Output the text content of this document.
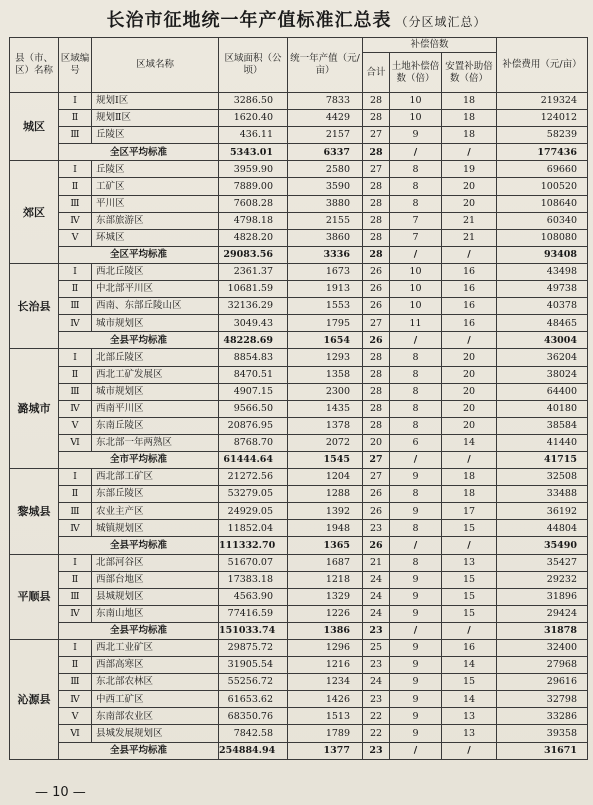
长治市征地统一年产值标准汇总表 （分区域汇总）
县（市、区）名称	区域编号	区域名称	区域面积（公顷）	统一年产值（元/亩）	补偿倍数			补偿费用（元/亩）
					合计	土地补偿倍数（倍）	安置补助倍数（倍）	
城区	Ⅰ	规划Ⅰ区	3286.50	7833	28	10	18	219324
	Ⅱ	规划Ⅱ区	1620.40	4429	28	10	18	124012
	Ⅲ	丘陵区	436.11	2157	27	9	18	58239
	全区平均标准		5343.01	6337	28	/	/	177436
郊区	Ⅰ	丘陵区	3959.90	2580	27	8	19	69660
	Ⅱ	工矿区	7889.00	3590	28	8	20	100520
	Ⅲ	平川区	7608.28	3880	28	8	20	108640
	Ⅳ	东部旅游区	4798.18	2155	28	7	21	60340
	Ⅴ	环城区	4828.20	3860	28	7	21	108080
	全区平均标准		29083.56	3336	28	/	/	93408
长治县	Ⅰ	西北丘陵区	2361.37	1673	26	10	16	43498
	Ⅱ	中北部平川区	10681.59	1913	26	10	16	49738
	Ⅲ	西南、东部丘陵山区	32136.29	1553	26	10	16	40378
	Ⅳ	城市规划区	3049.43	1795	27	11	16	48465
	全县平均标准		48228.69	1654	26	/	/	43004
潞城市	Ⅰ	北部丘陵区	8854.83	1293	28	8	20	36204
	Ⅱ	西北工矿发展区	8470.51	1358	28	8	20	38024
	Ⅲ	城市规划区	4907.15	2300	28	8	20	64400
	Ⅳ	西南平川区	9566.50	1435	28	8	20	40180
	Ⅴ	东南丘陵区	20876.95	1378	28	8	20	38584
	Ⅵ	东北部一年两熟区	8768.70	2072	20	6	14	41440
	全市平均标准		61444.64	1545	27	/	/	41715
黎城县	Ⅰ	西北部工矿区	21272.56	1204	27	9	18	32508
	Ⅱ	东部丘陵区	53279.05	1288	26	8	18	33488
	Ⅲ	农业主产区	24929.05	1392	26	9	17	36192
	Ⅳ	城镇规划区	11852.04	1948	23	8	15	44804
	全县平均标准		111332.70	1365	26	/	/	35490
平顺县	Ⅰ	北部河谷区	51670.07	1687	21	8	13	35427
	Ⅱ	西部台地区	17383.18	1218	24	9	15	29232
	Ⅲ	县城规划区	4563.90	1329	24	9	15	31896
	Ⅳ	东南山地区	77416.59	1226	24	9	15	29424
	全县平均标准		151033.74	1386	23	/	/	31878
沁源县	Ⅰ	西北工业矿区	29875.72	1296	25	9	16	32400
	Ⅱ	西部高寒区	31905.54	1216	23	9	14	27968
	Ⅲ	东北部农林区	55256.72	1234	24	9	15	29616
	Ⅳ	中西工矿区	61653.62	1426	23	9	14	32798
	Ⅴ	东南部农业区	68350.76	1513	22	9	13	33286
	Ⅵ	县城发展规划区	7842.58	1789	22	9	13	39358
	全县平均标准		254884.94	1377	23	/	/	31671
— 10 —
